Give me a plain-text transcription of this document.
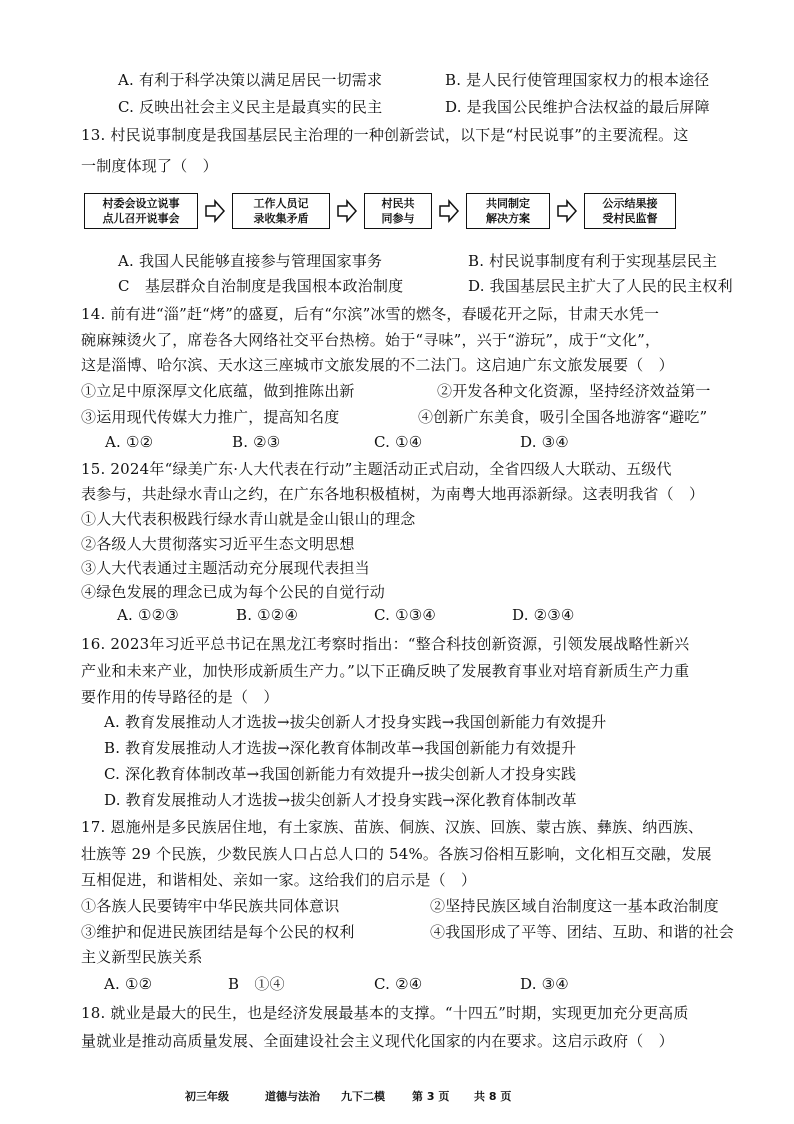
A. 有利于科学决策以满足居民一切需求	B. 是人民行使管理国家权力的根本途径
C. 反映出社会主义民主是最真实的民主	D. 是我国公民维护合法权益的最后屏障
13. 村民说事制度是我国基层民主治理的一种创新尝试，以下是“村民说事”的主要流程。这
一制度体现了（　）
村委会设立说事
点儿召开说事会
工作人员记
录收集矛盾
村民共
同参与
共同制定
解决方案
公示结果接
受村民监督
A. 我国人民能够直接参与管理国家事务	B. 村民说事制度有利于实现基层民主
C　基层群众自治制度是我国根本政治制度	D. 我国基层民主扩大了人民的民主权利
14. 前有进“淄”赶“烤”的盛夏，后有“尔滨”冰雪的燃冬，春暖花开之际，甘肃天水凭一
碗麻辣烫火了，席卷各大网络社交平台热榜。始于“寻味”，兴于“游玩”，成于“文化”，
这是淄博、哈尔滨、天水这三座城市文旅发展的不二法门。这启迪广东文旅发展要（　）
①立足中原深厚文化底蕴，做到推陈出新	②开发各种文化资源，坚持经济效益第一
③运用现代传媒大力推广，提高知名度	④创新广东美食，吸引全国各地游客“避吃”
A. ①②	B. ②③	C. ①④	D. ③④
15. 2024年“绿美广东·人大代表在行动”主题活动正式启动，全省四级人大联动、五级代
表参与，共赴绿水青山之约，在广东各地积极植树，为南粤大地再添新绿。这表明我省（　）
①人大代表积极践行绿水青山就是金山银山的理念
②各级人大贯彻落实习近平生态文明思想
③人大代表通过主题活动充分展现代表担当
④绿色发展的理念已成为每个公民的自觉行动
A. ①②③	B. ①②④	C. ①③④	D. ②③④
16. 2023年习近平总书记在黑龙江考察时指出：“整合科技创新资源，引领发展战略性新兴
产业和未来产业，加快形成新质生产力。”以下正确反映了发展教育事业对培育新质生产力重
要作用的传导路径的是（　）
A. 教育发展推动人才选拔→拔尖创新人才投身实践→我国创新能力有效提升
B. 教育发展推动人才选拔→深化教育体制改革→我国创新能力有效提升
C. 深化教育体制改革→我国创新能力有效提升→拔尖创新人才投身实践
D. 教育发展推动人才选拔→拔尖创新人才投身实践→深化教育体制改革
17. 恩施州是多民族居住地，有土家族、苗族、侗族、汉族、回族、蒙古族、彝族、纳西族、
壮族等 29 个民族，少数民族人口占总人口的 54%。各族习俗相互影响，文化相互交融，发展
互相促进，和谐相处、亲如一家。这给我们的启示是（　）
①各族人民要铸牢中华民族共同体意识	②坚持民族区域自治制度这一基本政治制度
③维护和促进民族团结是每个公民的权利	④我国形成了平等、团结、互助、和谐的社会
主义新型民族关系
A. ①②	B　①④	C. ②④	D. ③④
18. 就业是最大的民生，也是经济发展最基本的支撑。“十四五”时期，实现更加充分更高质
量就业是推动高质量发展、全面建设社会主义现代化国家的内在要求。这启示政府（　）
初三年级	道德与法治 九下二模 第 3 页 共 8 页
